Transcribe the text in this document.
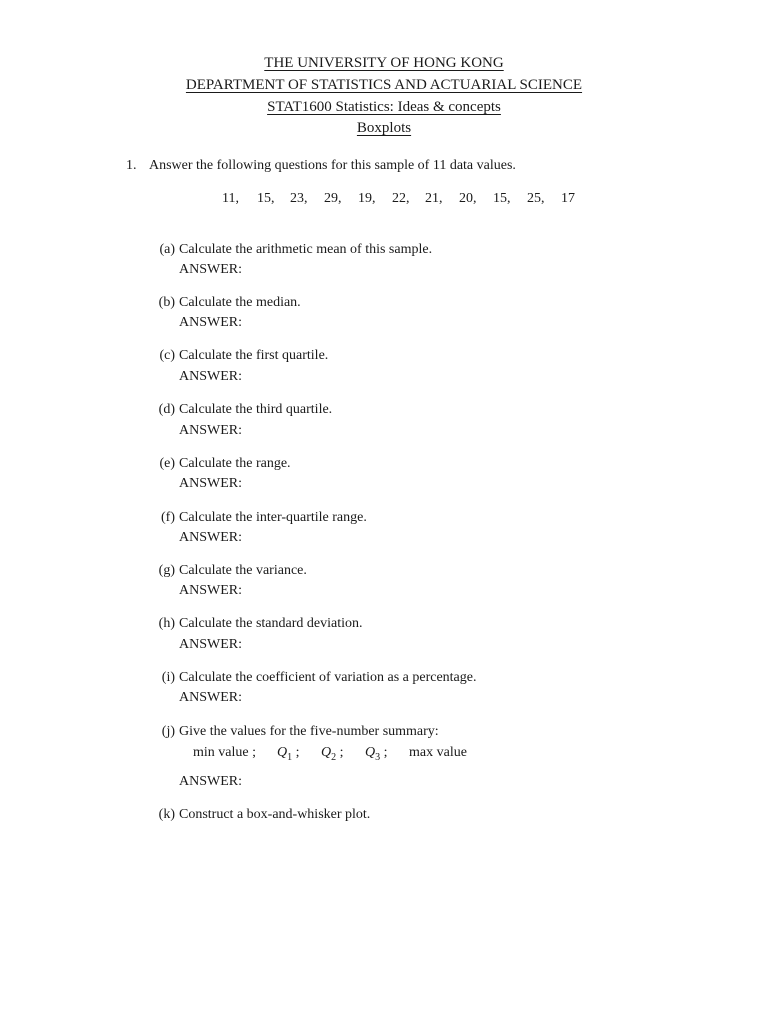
THE UNIVERSITY OF HONG KONG
DEPARTMENT OF STATISTICS AND ACTUARIAL SCIENCE
STAT1600 Statistics: Ideas & concepts
Boxplots
1. Answer the following questions for this sample of 11 data values.
11, 15, 23, 29, 19, 22, 21, 20, 15, 25, 17
(a) Calculate the arithmetic mean of this sample.
ANSWER:
(b) Calculate the median.
ANSWER:
(c) Calculate the first quartile.
ANSWER:
(d) Calculate the third quartile.
ANSWER:
(e) Calculate the range.
ANSWER:
(f) Calculate the inter-quartile range.
ANSWER:
(g) Calculate the variance.
ANSWER:
(h) Calculate the standard deviation.
ANSWER:
(i) Calculate the coefficient of variation as a percentage.
ANSWER:
(j) Give the values for the five-number summary:
min value ; $Q_1$ ; $Q_2$ ; $Q_3$ ; max value
ANSWER:
(k) Construct a box-and-whisker plot.
